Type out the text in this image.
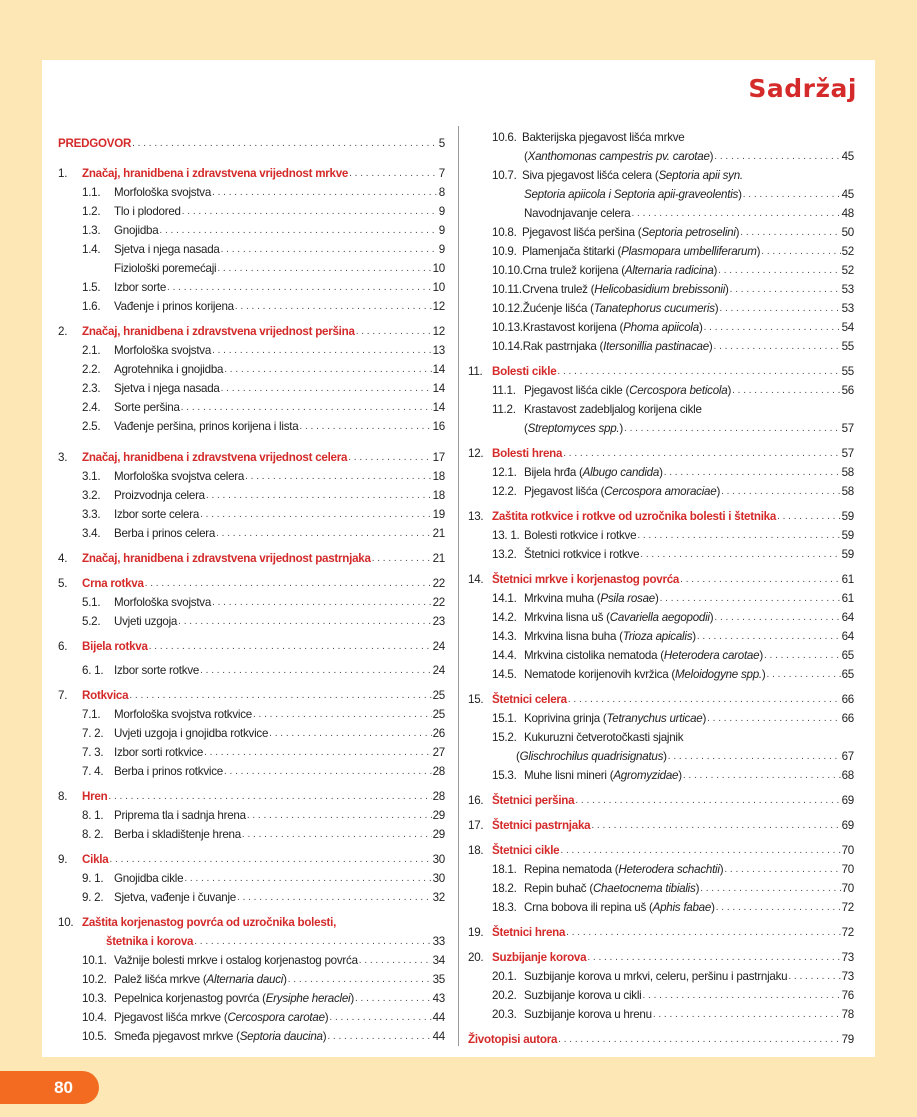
Sadržaj
PREDGOVOR . . .	5
1.	Značaj, hranidbena i zdravstvena vrijednost mrkve . . .	7
1.1.	Morfološka svojstva . . .	8
1.2.	Tlo i plodored . . .	9
1.3.	Gnojidba . . .	9
1.4.	Sjetva i njega nasada . . .	9
Fiziološki poremećaji . . .	10
1.5.	Izbor sorte . . .	10
1.6.	Vađenje i prinos korijena . . .	12
2.	Značaj, hranidbena i zdravstvena vrijednost peršina . . .	12
2.1.	Morfološka svojstva . . .	13
2.2.	Agrotehnika i gnojidba . . .	14
2.3.	Sjetva i njega nasada . . .	14
2.4.	Sorte peršina . . .	14
2.5.	Vađenje peršina, prinos korijena i lista . . .	16
3.	Značaj, hranidbena i zdravstvena vrijednost celera . . .	17
3.1.	Morfološka svojstva celera . . .	18
3.2.	Proizvodnja celera . . .	18
3.3.	Izbor sorte celera . . .	19
3.4.	Berba i prinos celera . . .	21
4.	Značaj, hranidbena i zdravstvena vrijednost pastrnjaka . . .	21
5.	Crna rotkva . . .	22
5.1.	Morfološka svojstva . . .	22
5.2.	Uvjeti uzgoja . . .	23
6.	Bijela rotkva . . .	24
6. 1. Izbor sorte rotkve . . .	24
7.	Rotkvica . . .	25
7.1.	Morfološka svojstva rotkvice . . .	25
7. 2. Uvjeti uzgoja i gnojidba rotkvice . . .	26
7. 3. Izbor sorti rotkvice . . .	27
7. 4. Berba i prinos rotkvice . . .	28
8.	Hren . . .	28
8. 1. Priprema tla i sadnja hrena . . .	29
8. 2. Berba i skladištenje hrena . . .	29
9.	Cikla . . .	30
9. 1. Gnojidba cikle . . .	30
9. 2. Sjetva, vađenje i čuvanje . . .	32
10. Zaštita korjenastog povrća od uzročnika bolesti,
štetnika i korova . . .	33
10.1. Važnije bolesti mrkve i ostalog korjenastog povrća . . .	34
10.2. Palež lišća mrkve (Alternaria dauci) . . .	35
10.3. Pepelnica korjenastog povrća (Erysiphe heraclei) . . .	43
10.4. Pjegavost lišća mrkve (Cercospora carotae) . . .	44
10.5. Smeđa pjegavost mrkve (Septoria daucina) . . .	44
10.6. Bakterijska pjegavost lišća mrkve
(Xanthomonas campestris pv. carotae) . . .	45
10.7. Siva pjegavost lišća celera (Septoria apii syn.
Septoria apiicola i Septoria apii-graveolentis) . . .	45
Navodnjavanje celera . . .	48
10.8. Pjegavost lišća peršina (Septoria petroselini) . . .	50
10.9. Plamenjača štitarki (Plasmopara umbelliferarum) . . .	52
10.10. Crna trulež korijena (Alternaria radicina) . . .	52
10.11. Crvena trulež (Helicobasidium brebissonii) . . .	53
10.12. Žućenje lišća (Tanatephorus cucumeris) . . .	53
10.13. Krastavost korijena (Phoma apiicola) . . .	54
10.14. Rak pastrnjaka (Itersonillia pastinacae) . . .	55
11. Bolesti cikle . . .	55
11.1. Pjegavost lišća cikle (Cercospora beticola) . . .	56
11.2. Krastavost zadebljalog korijena cikle
(Streptomyces spp.) . . .	57
12. Bolesti hrena . . .	57
12.1. Bijela hrđa (Albugo candida) . . .	58
12.2. Pjegavost lišća (Cercospora amoraciae) . . .	58
13. Zaštita rotkvice i rotkve od uzročnika bolesti i štetnika . . .	59
13. 1. Bolesti rotkvice i rotkve . . .	59
13.2. Štetnici rotkvice i rotkve . . .	59
14. Štetnici mrkve i korjenastog povrća . . .	61
14.1. Mrkvina muha (Psila rosae) . . .	61
14.2. Mrkvina lisna uš (Cavariella aegopodii) . . .	64
14.3. Mrkvina lisna buha (Trioza apicalis) . . .	64
14.4. Mrkvina cistolika nematoda (Heterodera carotae) . . .	65
14.5. Nematode korijenovih kvržica (Meloidogyne spp.) . . .	65
15. Štetnici celera . . .	66
15.1. Koprivina grinja (Tetranychus urticae) . . .	66
15.2. Kukuruzni četverotočkasti sjajnik
(Glischrochilus quadrisignatus) . . .	67
15.3. Muhe lisni mineri (Agromyzidae) . . .	68
16. Štetnici peršina . . .	69
17. Štetnici pastrnjaka . . .	69
18. Štetnici cikle . . .	70
18.1. Repina nematoda (Heterodera schachtii) . . .	70
18.2. Repin buhač (Chaetocnema tibialis) . . .	70
18.3. Crna bobova ili repina uš (Aphis fabae) . . .	72
19. Štetnici hrena . . .	72
20. Suzbijanje korova . . .	73
20.1. Suzbijanje korova u mrkvi, celeru, peršinu i pastrnjaku . . .	73
20.2. Suzbijanje korova u cikli . . .	76
20.3. Suzbijanje korova u hrenu . . .	78
Životopisi autora . . .	79
80
